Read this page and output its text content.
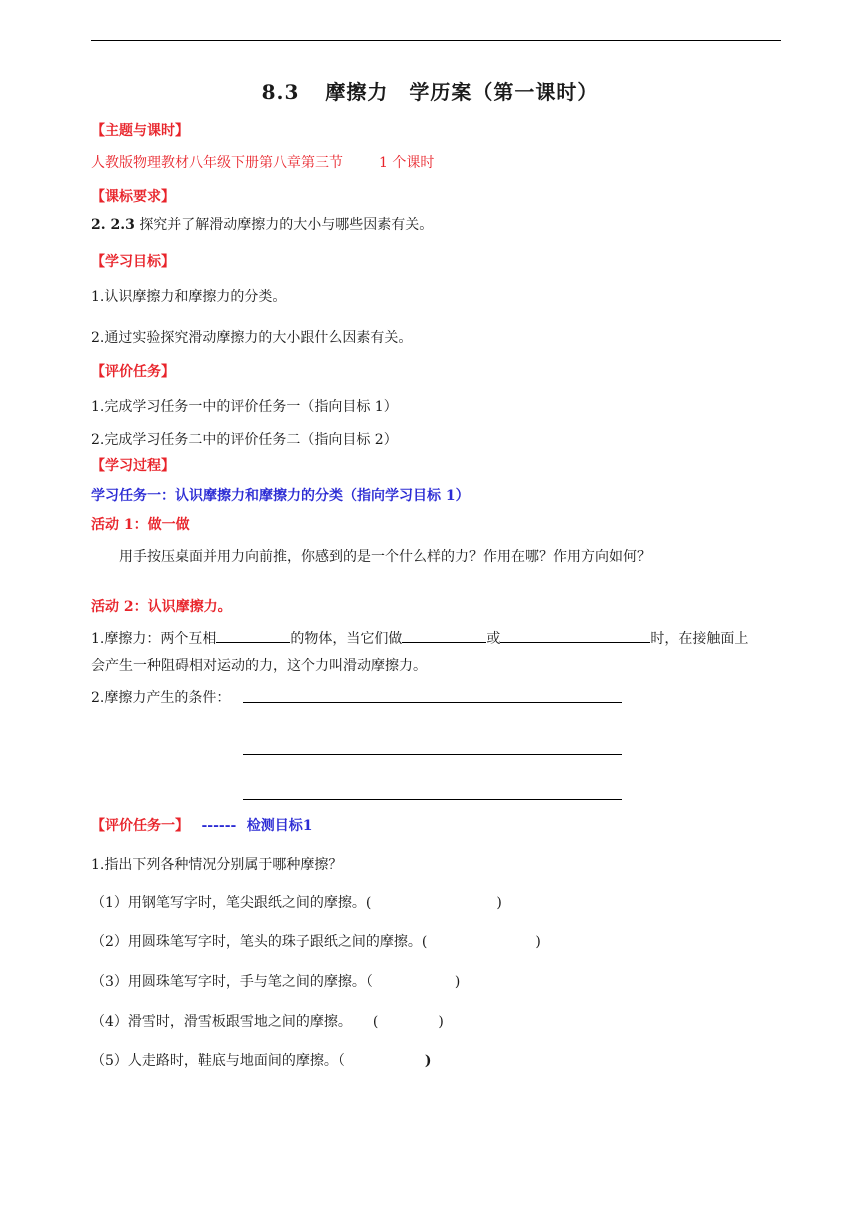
8.3 摩擦力　学历案（第一课时）
【主题与课时】
人教版物理教材八年级下册第八章第三节	1 个课时
【课标要求】
2. 2.3 探究并了解滑动摩擦力的大小与哪些因素有关。
【学习目标】
1.认识摩擦力和摩擦力的分类。
2.通过实验探究滑动摩擦力的大小跟什么因素有关。
【评价任务】
1.完成学习任务一中的评价任务一（指向目标 1）
2.完成学习任务二中的评价任务二（指向目标 2）
【学习过程】
学习任务一：认识摩擦力和摩擦力的分类（指向学习目标 1）
活动 1：做一做
用手按压桌面并用力向前推，你感到的是一个什么样的力？作用在哪？作用方向如何？
活动 2：认识摩擦力。
1.摩擦力：两个互相	的物体，当它们做	或	时，在接触面上
会产生一种阻碍相对运动的力，这个力叫滑动摩擦力。
2.摩擦力产生的条件：
【评价任务一】 ------ 检测目标1
1.指出下列各种情况分别属于哪种摩擦？
（1）用钢笔写字时，笔尖跟纸之间的摩擦。(	)
（2）用圆珠笔写字时，笔头的珠子跟纸之间的摩擦。(	)
（3）用圆珠笔写字时，手与笔之间的摩擦。（	)
（4）滑雪时，滑雪板跟雪地之间的摩擦。　　(	)
（5）人走路时，鞋底与地面间的摩擦。（	)
